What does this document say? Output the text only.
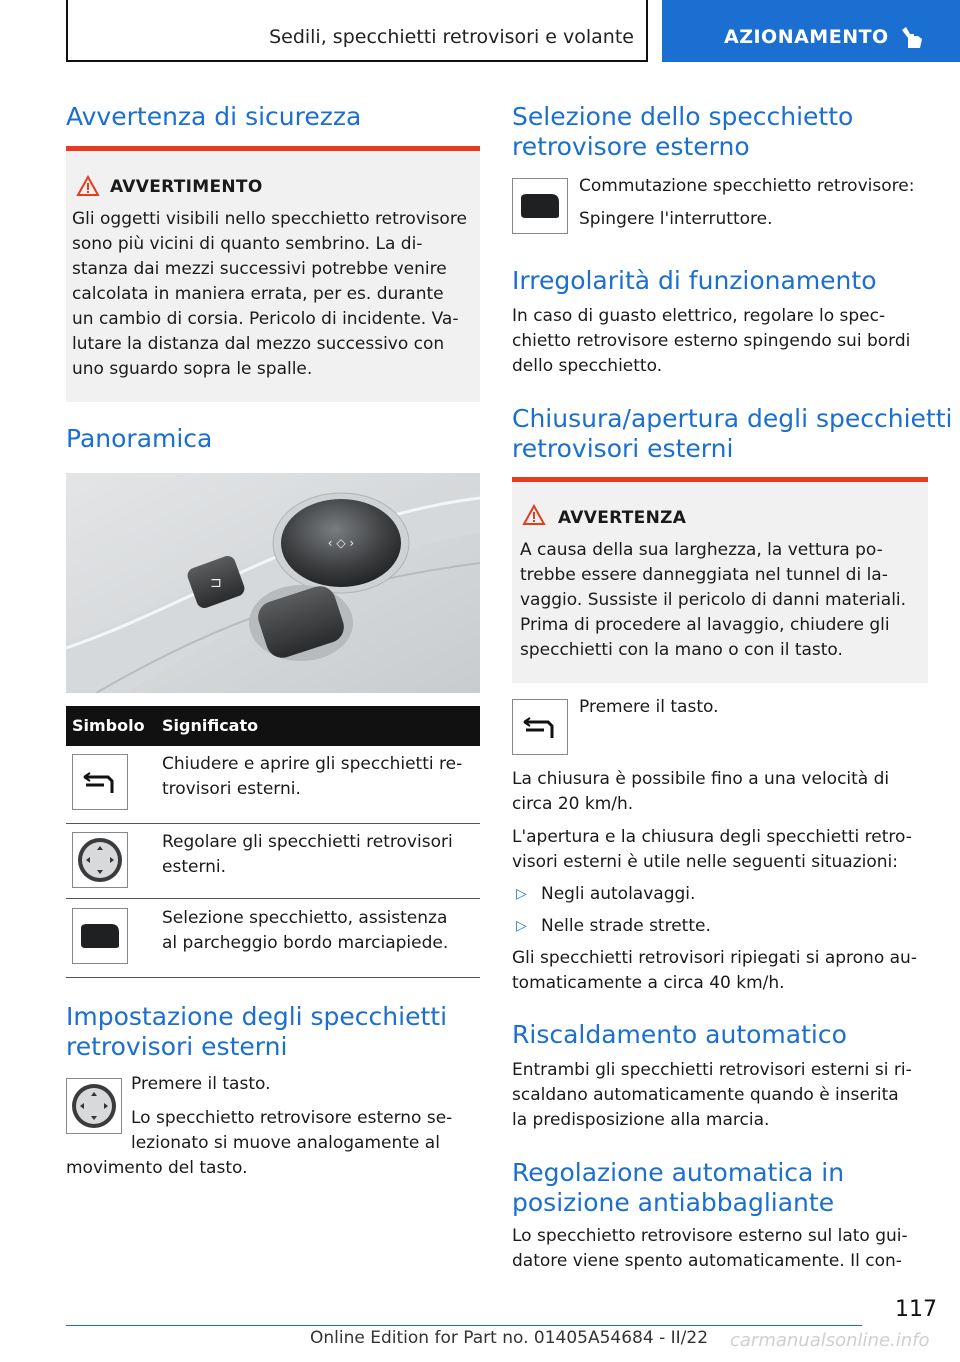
Sedili, specchietti retrovisori e volante	AZIONAMENTO
Avvertenza di sicurezza
AVVERTIMENTO
Gli oggetti visibili nello specchietto retrovisore
sono più vicini di quanto sembrino. La di-
stanza dai mezzi successivi potrebbe venire
calcolata in maniera errata, per es. durante
un cambio di corsia. Pericolo di incidente. Va-
lutare la distanza dal mezzo successivo con
uno sguardo sopra le spalle.
Panoramica
‹ ◇ ›
⊐
Simbolo Significato
Chiudere e aprire gli specchietti re-
trovisori esterni.
Regolare gli specchietti retrovisori
esterni.
Selezione specchietto, assistenza
al parcheggio bordo marciapiede.
Impostazione degli specchietti
retrovisori esterni
Premere il tasto.
Lo specchietto retrovisore esterno se-
lezionato si muove analogamente al
movimento del tasto.
Selezione dello specchietto
retrovisore esterno
Commutazione specchietto retrovisore:
Spingere l'interruttore.
Irregolarità di funzionamento
In caso di guasto elettrico, regolare lo spec-
chietto retrovisore esterno spingendo sui bordi
dello specchietto.
Chiusura/apertura degli specchietti
retrovisori esterni
AVVERTENZA
A causa della sua larghezza, la vettura po-
trebbe essere danneggiata nel tunnel di la-
vaggio. Sussiste il pericolo di danni materiali.
Prima di procedere al lavaggio, chiudere gli
specchietti con la mano o con il tasto.
Premere il tasto.
La chiusura è possibile fino a una velocità di
circa 20 km/h.
L'apertura e la chiusura degli specchietti retro-
visori esterni è utile nelle seguenti situazioni:
▷ Negli autolavaggi.
▷ Nelle strade strette.
Gli specchietti retrovisori ripiegati si aprono au-
tomaticamente a circa 40 km/h.
Riscaldamento automatico
Entrambi gli specchietti retrovisori esterni si ri-
scaldano automaticamente quando è inserita
la predisposizione alla marcia.
Regolazione automatica in
posizione antiabbagliante
Lo specchietto retrovisore esterno sul lato gui-
datore viene spento automaticamente. Il con-
117
carmanualsonline.info
Online Edition for Part no. 01405A54684 - II/22
